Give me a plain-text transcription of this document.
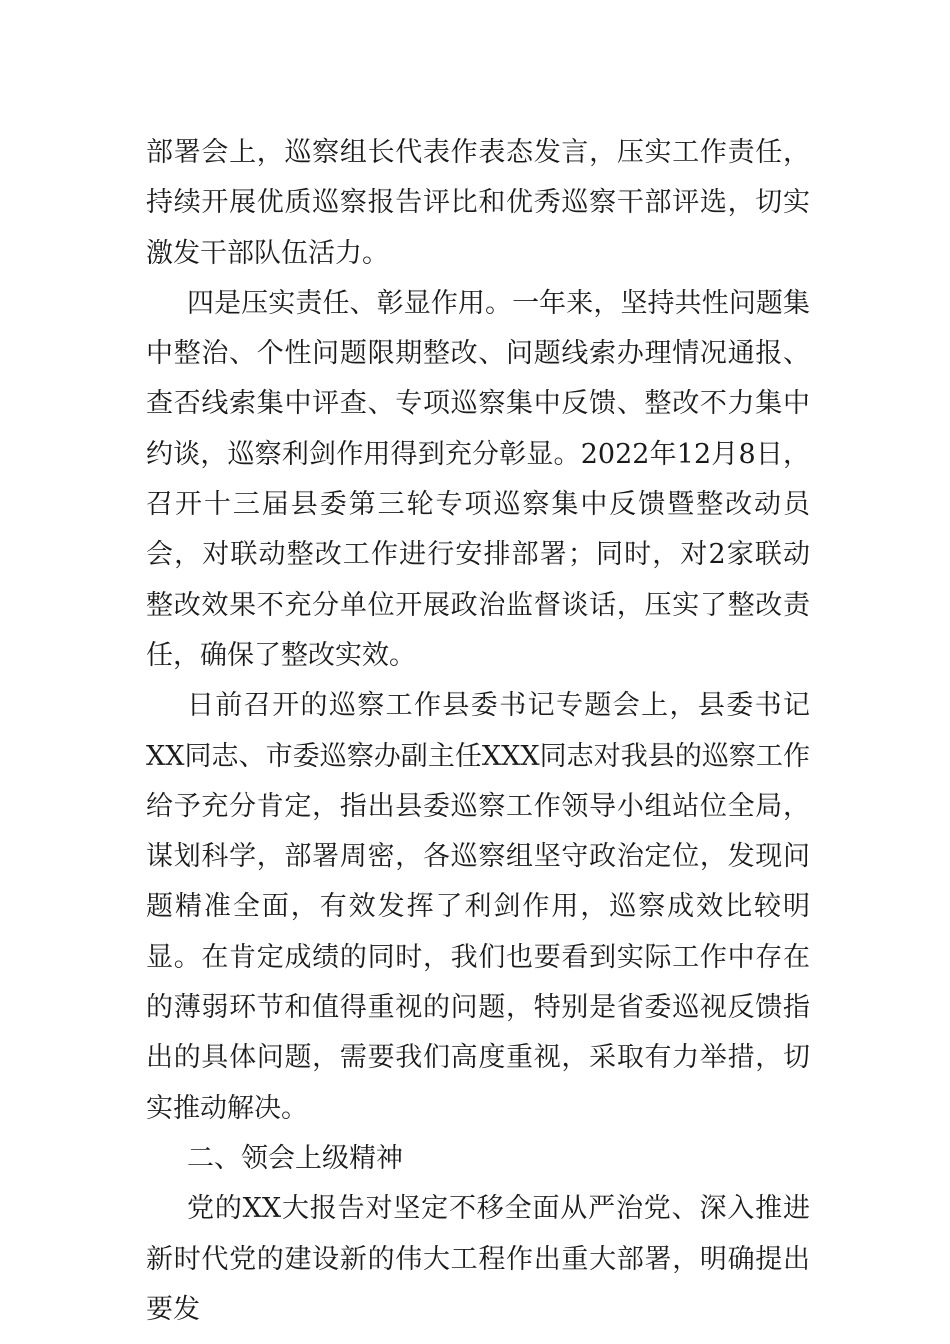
部署会上，巡察组长代表作表态发言，压实工作责任，持续开展优质巡察报告评比和优秀巡察干部评选，切实激发干部队伍活力。

四是压实责任、彰显作用。一年来，坚持共性问题集中整治、个性问题限期整改、问题线索办理情况通报、查否线索集中评查、专项巡察集中反馈、整改不力集中约谈，巡察利剑作用得到充分彰显。2022年12月8日，召开十三届县委第三轮专项巡察集中反馈暨整改动员会，对联动整改工作进行安排部署；同时，对2家联动整改效果不充分单位开展政治监督谈话，压实了整改责任，确保了整改实效。

日前召开的巡察工作县委书记专题会上，县委书记XX同志、市委巡察办副主任XXX同志对我县的巡察工作给予充分肯定，指出县委巡察工作领导小组站位全局，谋划科学，部署周密，各巡察组坚守政治定位，发现问题精准全面，有效发挥了利剑作用，巡察成效比较明显。在肯定成绩的同时，我们也要看到实际工作中存在的薄弱环节和值得重视的问题，特别是省委巡视反馈指出的具体问题，需要我们高度重视，采取有力举措，切实推动解决。

二、领会上级精神

党的XX大报告对坚定不移全面从严治党、深入推进新时代党的建设新的伟大工程作出重大部署，明确提出要发
